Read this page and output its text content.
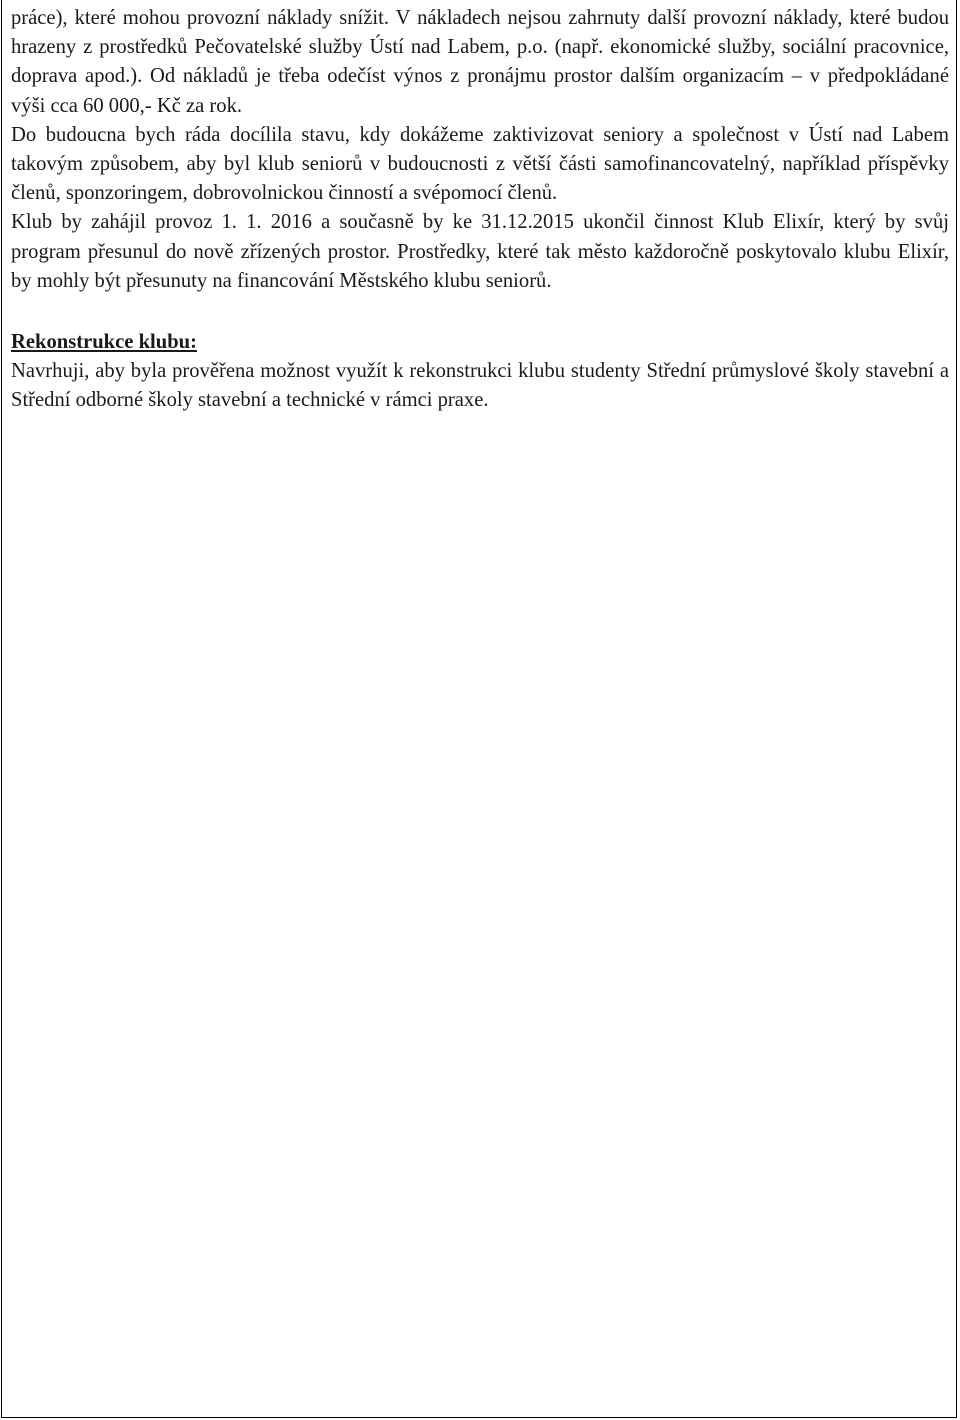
práce), které mohou provozní náklady snížit. V nákladech nejsou zahrnuty další provozní náklady, které budou hrazeny z prostředků Pečovatelské služby Ústí nad Labem, p.o. (např. ekonomické služby, sociální pracovnice, doprava apod.). Od nákladů je třeba odečíst výnos z pronájmu prostor dalším organizacím – v předpokládané výši cca 60 000,- Kč za rok.

Do budoucna bych ráda docílila stavu, kdy dokážeme zaktivizovat seniory a společnost v Ústí nad Labem takovým způsobem, aby byl klub seniorů v budoucnosti z větší části samofinancovatelný, například příspěvky členů, sponzoringem, dobrovolnickou činností a svépomocí členů.

Klub by zahájil provoz 1. 1. 2016 a současně by ke 31.12.2015 ukončil činnost Klub Elixír, který by svůj program přesunul do nově zřízených prostor. Prostředky, které tak město každoročně poskytovalo klubu Elixír, by mohly být přesunuty na financování Městského klubu seniorů.

Rekonstrukce klubu:

Navrhuji, aby byla prověřena možnost využít k rekonstrukci klubu studenty Střední průmyslové školy stavební a Střední odborné školy stavební a technické v rámci praxe.
